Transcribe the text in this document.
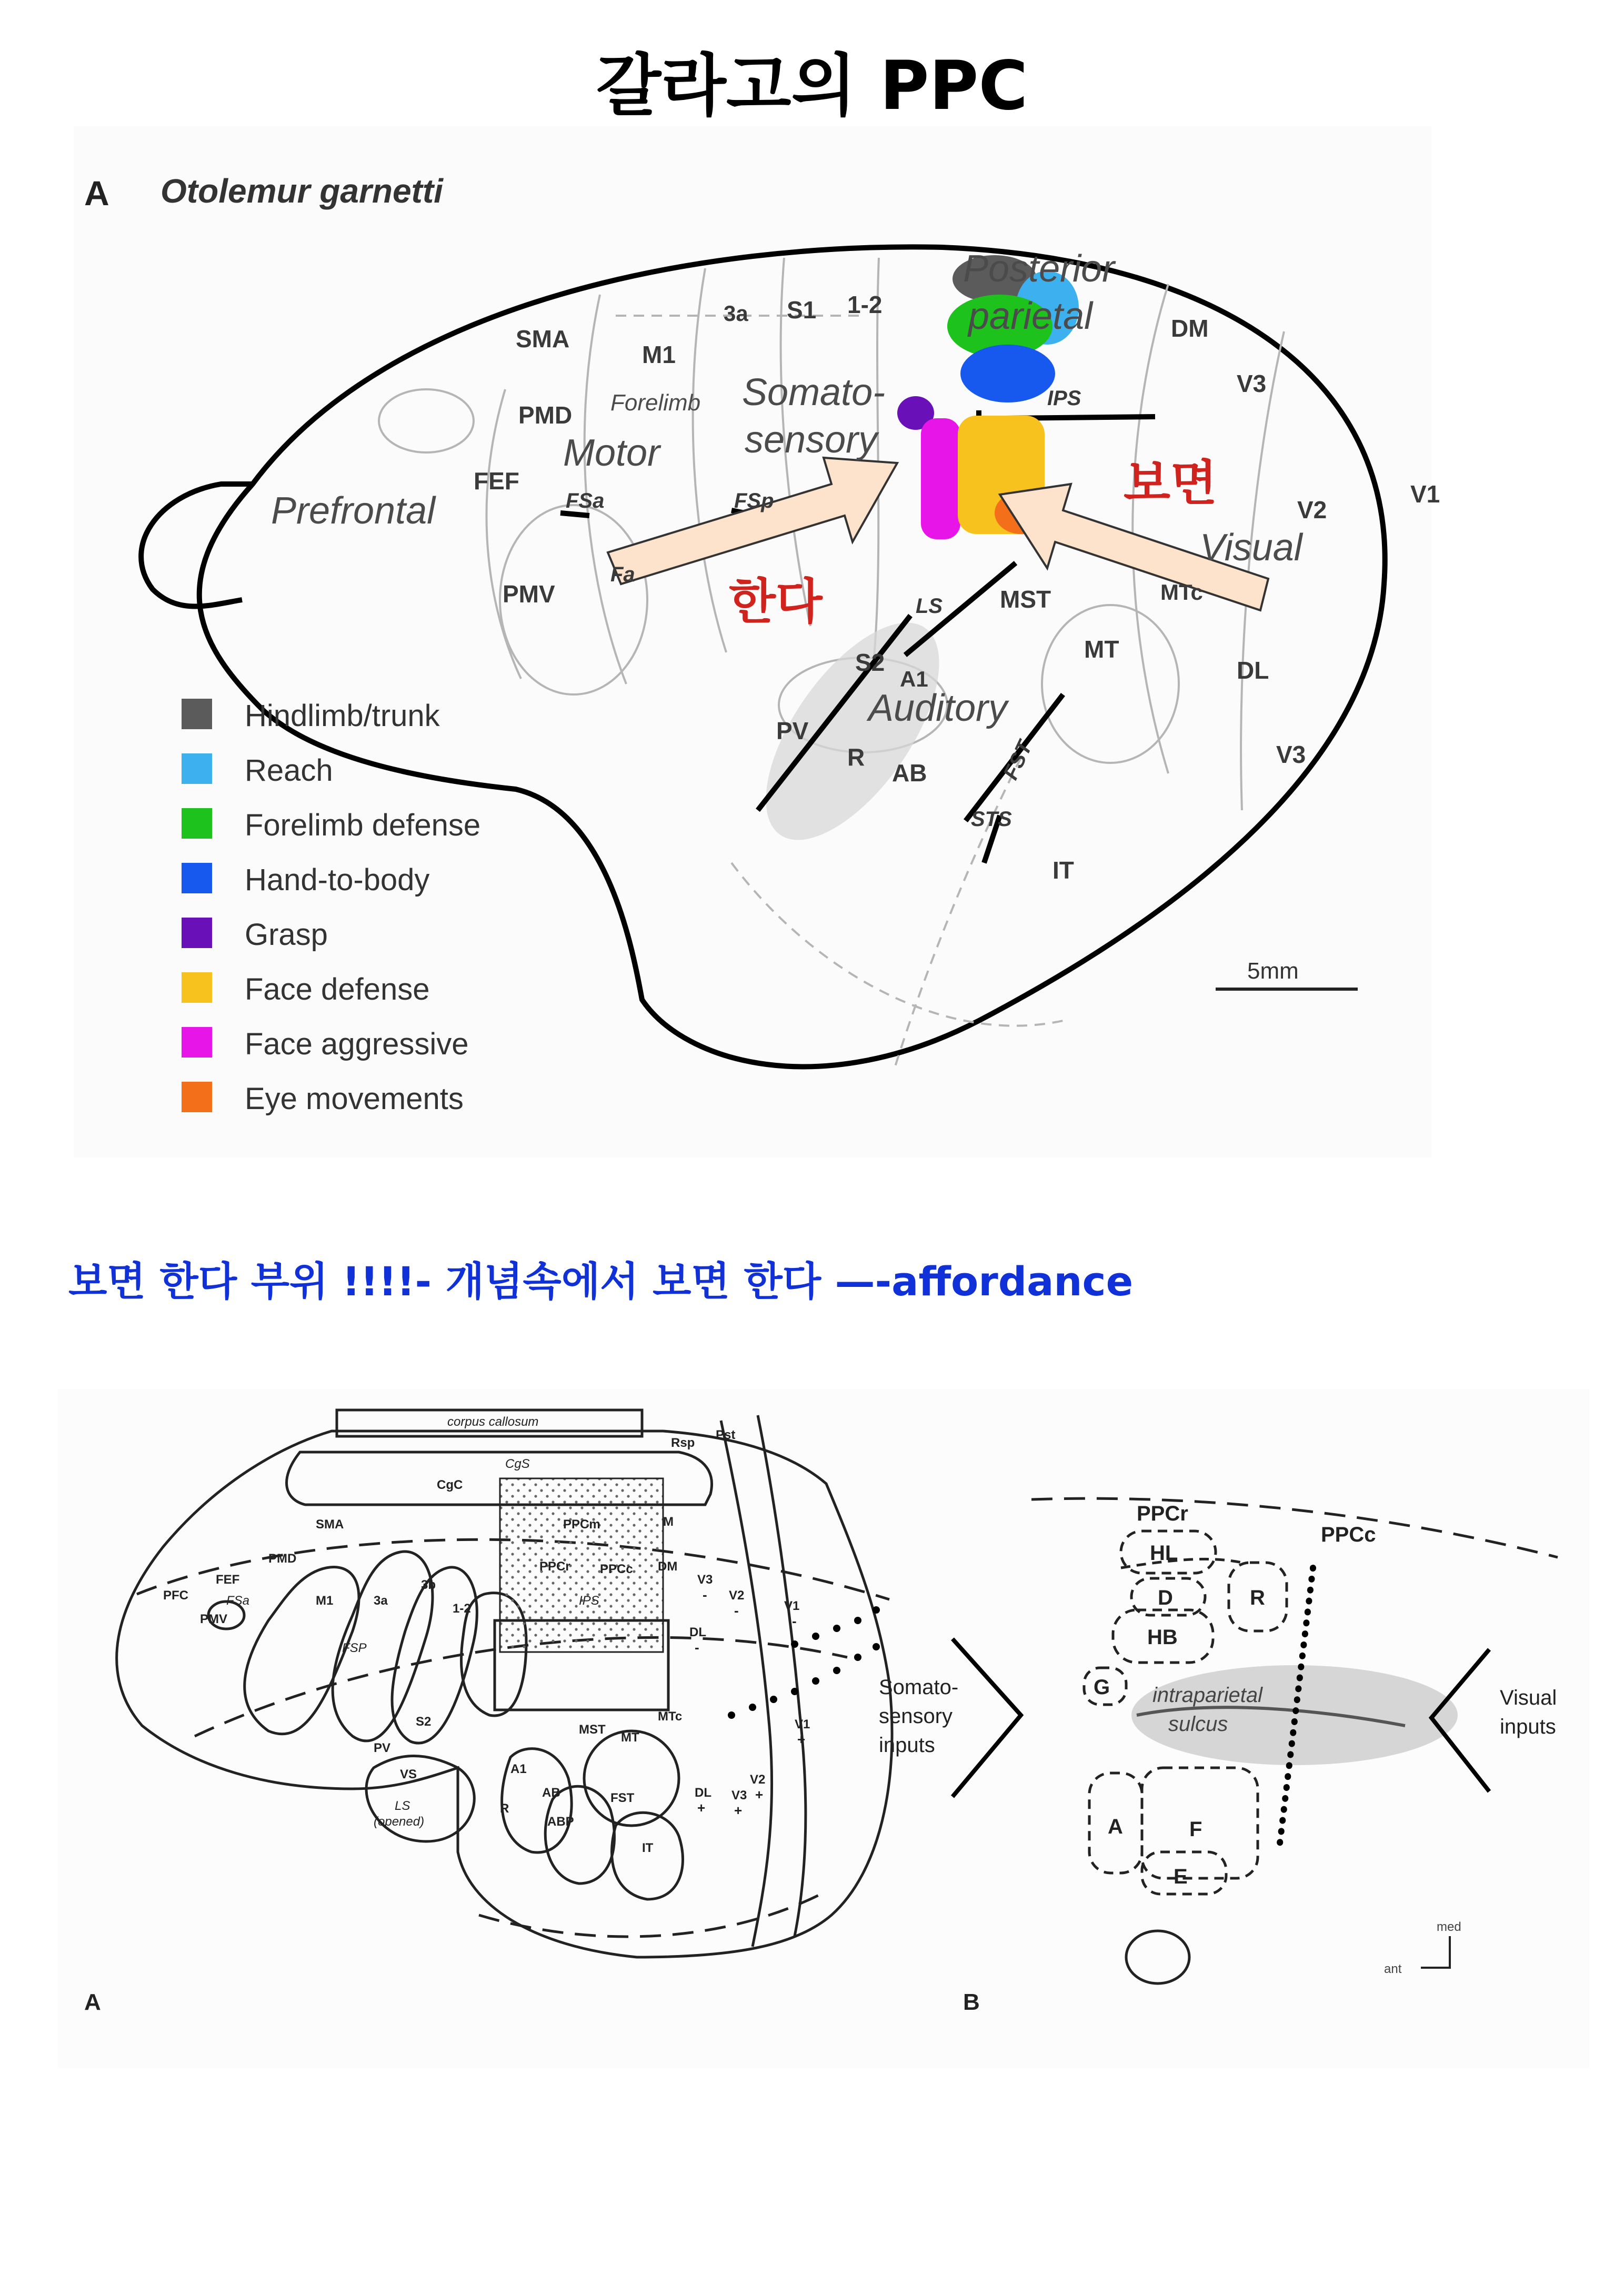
갈라고의 PPC
A Otolemur garnetti
SMA
M1
3a S1 1-2
DM
V3
PMD
FEF
V2
V1
PMV	MST	MTc
MT
DL
S2
A1
PV
R
AB
V3
IT
IPS
FSa	FSp
Fa
LS
FST
STS
Posterior
parietal
Somato-
sensory
Motor
Prefrontal
Visual
Auditory
Forelimb
보면
한다
5mm
Hindlimb/trunk
Reach
Forelimb defense
Hand-to-body
Grasp
Face defense
Face aggressive
Eye movements
보면 한다 부위 !!!!- 개념속에서 보면 한다 —-affordance
corpus callosum
Rsp
Pst
CgS
CgC
SMA	PPCm	M
PMD
FEF
PFC	FSa
PMV
M1	3a
3b
1-2
FSP
PPCr PPCc
IPS
DM
V3
V2
V1
DL
S2
PV
VS
LS
(opened)
MST
MT
MTc
A1
AB
R
ABP
FST
IT
DL V3
V2
V1
-
-
-
-
+
+ +
+
A
PPCr
PPCc
HL
D	R
HB
G
A	F
E
intraparietal
sulcus
Somato-
sensory
inputs
Visual
inputs
med
ant
B
